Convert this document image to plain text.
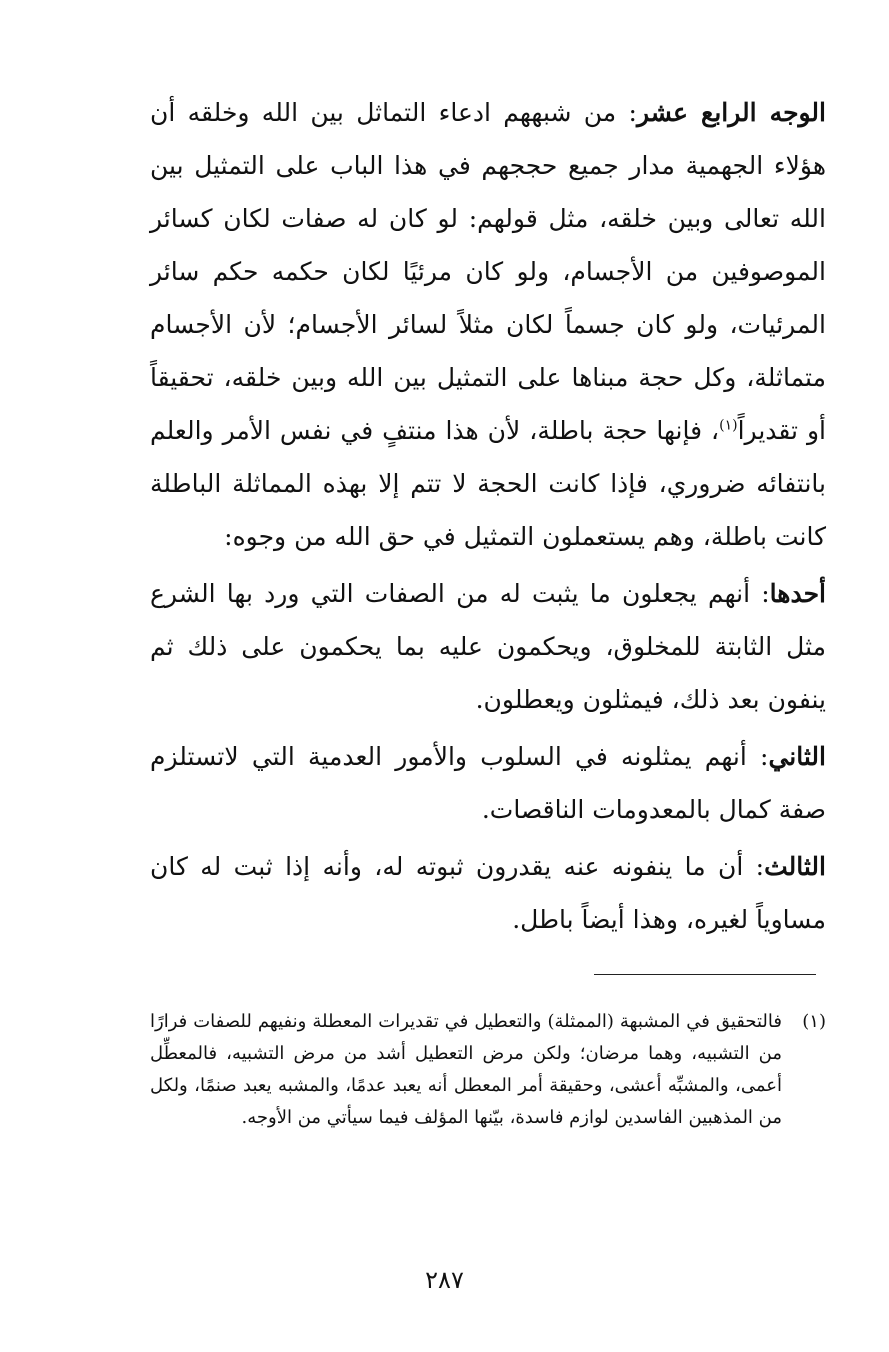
الوجه الرابع عشر: من شبههم ادعاء التماثل بين الله وخلقه أن هؤلاء الجهمية مدار جميع حججهم في هذا الباب على التمثيل بين الله تعالى وبين خلقه، مثل قولهم: لو كان له صفات لكان كسائر الموصوفين من الأجسام، ولو كان مرئيًا لكان حكمه حكم سائر المرئيات، ولو كان جسماً لكان مثلاً لسائر الأجسام؛ لأن الأجسام متماثلة، وكل حجة مبناها على التمثيل بين الله وبين خلقه، تحقيقاً أو تقديراً$^{(١)}$، فإنها حجة باطلة، لأن هذا منتفٍ في نفس الأمر والعلم بانتفائه ضروري، فإذا كانت الحجة لا تتم إلا بهذه المماثلة الباطلة كانت باطلة، وهم يستعملون التمثيل في حق الله من وجوه:

أحدها: أنهم يجعلون ما يثبت له من الصفات التي ورد بها الشرع مثل الثابتة للمخلوق، ويحكمون عليه بما يحكمون على ذلك ثم ينفون بعد ذلك، فيمثلون ويعطلون.

الثاني: أنهم يمثلونه في السلوب والأمور العدمية التي لاتستلزم صفة كمال بالمعدومات الناقصات.

الثالث: أن ما ينفونه عنه يقدرون ثبوته له، وأنه إذا ثبت له كان مساوياً لغيره، وهذا أيضاً باطل.

(١)
فالتحقيق في المشبهة (الممثلة) والتعطيل في تقديرات المعطلة ونفيهم للصفات فرارًا من التشبيه، وهما مرضان؛ ولكن مرض التعطيل أشد من مرض التشبيه، فالمعطِّل أعمى، والمشبِّه أعشى، وحقيقة أمر المعطل أنه يعبد عدمًا، والمشبه يعبد صنمًا، ولكل من المذهبين الفاسدين لوازم فاسدة، بيّنها المؤلف فيما سيأتي من الأوجه.
٢٨٧
